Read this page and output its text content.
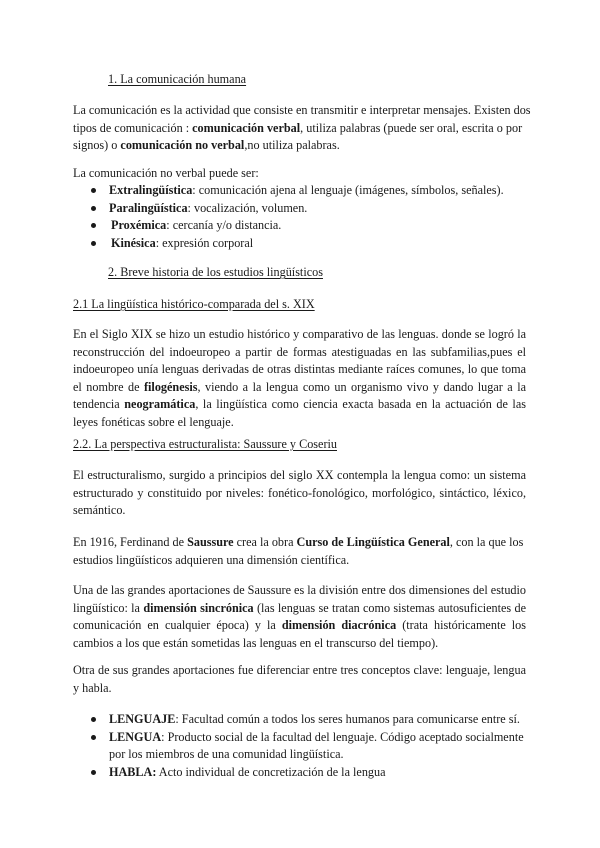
1. La comunicación humana

La comunicación es la actividad que consiste en transmitir e interpretar mensajes. Existen dos tipos de comunicación : comunicación verbal, utiliza palabras (puede ser oral, escrita o por signos) o comunicación no verbal,no utiliza palabras.

La comunicación no verbal puede ser:

Extralingüística: comunicación ajena al lenguaje (imágenes, símbolos, señales).
Paralingüística: vocalización, volumen.
Proxémica: cercanía y/o distancia.
Kinésica: expresión corporal
2. Breve historia de los estudios lingüísticos
2.1 La lingüística histórico-comparada del s. XIX

En el Siglo XIX se hizo un estudio histórico y comparativo de las lenguas. donde se logró la reconstrucción del indoeuropeo a partir de formas atestiguadas en las subfamilias,pues el indoeuropeo unía lenguas derivadas de otras distintas mediante raíces comunes, lo que toma el nombre de filogénesis, viendo a la lengua como un organismo vivo y dando lugar a la tendencia neogramática, la lingüística como ciencia exacta basada en la actuación de las leyes fonéticas sobre el lenguaje.

2.2. La perspectiva estructuralista: Saussure y Coseriu

El estructuralismo, surgido a principios del siglo XX contempla la lengua como: un sistema estructurado y constituido por niveles: fonético-fonológico, morfológico, sintáctico, léxico, semántico.

En 1916, Ferdinand de Saussure crea la obra Curso de Lingüística General, con la que los estudios lingüísticos adquieren una dimensión científica.

Una de las grandes aportaciones de Saussure es la división entre dos dimensiones del estudio lingüístico: la dimensión sincrónica (las lenguas se tratan como sistemas autosuficientes de comunicación en cualquier época) y la dimensión diacrónica (trata históricamente los cambios a los que están sometidas las lenguas en el transcurso del tiempo).

Otra de sus grandes aportaciones fue diferenciar entre tres conceptos clave: lenguaje, lengua y habla.

LENGUAJE: Facultad común a todos los seres humanos para comunicarse entre sí.
LENGUA: Producto social de la facultad del lenguaje. Código aceptado socialmente por los miembros de una comunidad lingüística.
HABLA: Acto individual de concretización de la lengua
